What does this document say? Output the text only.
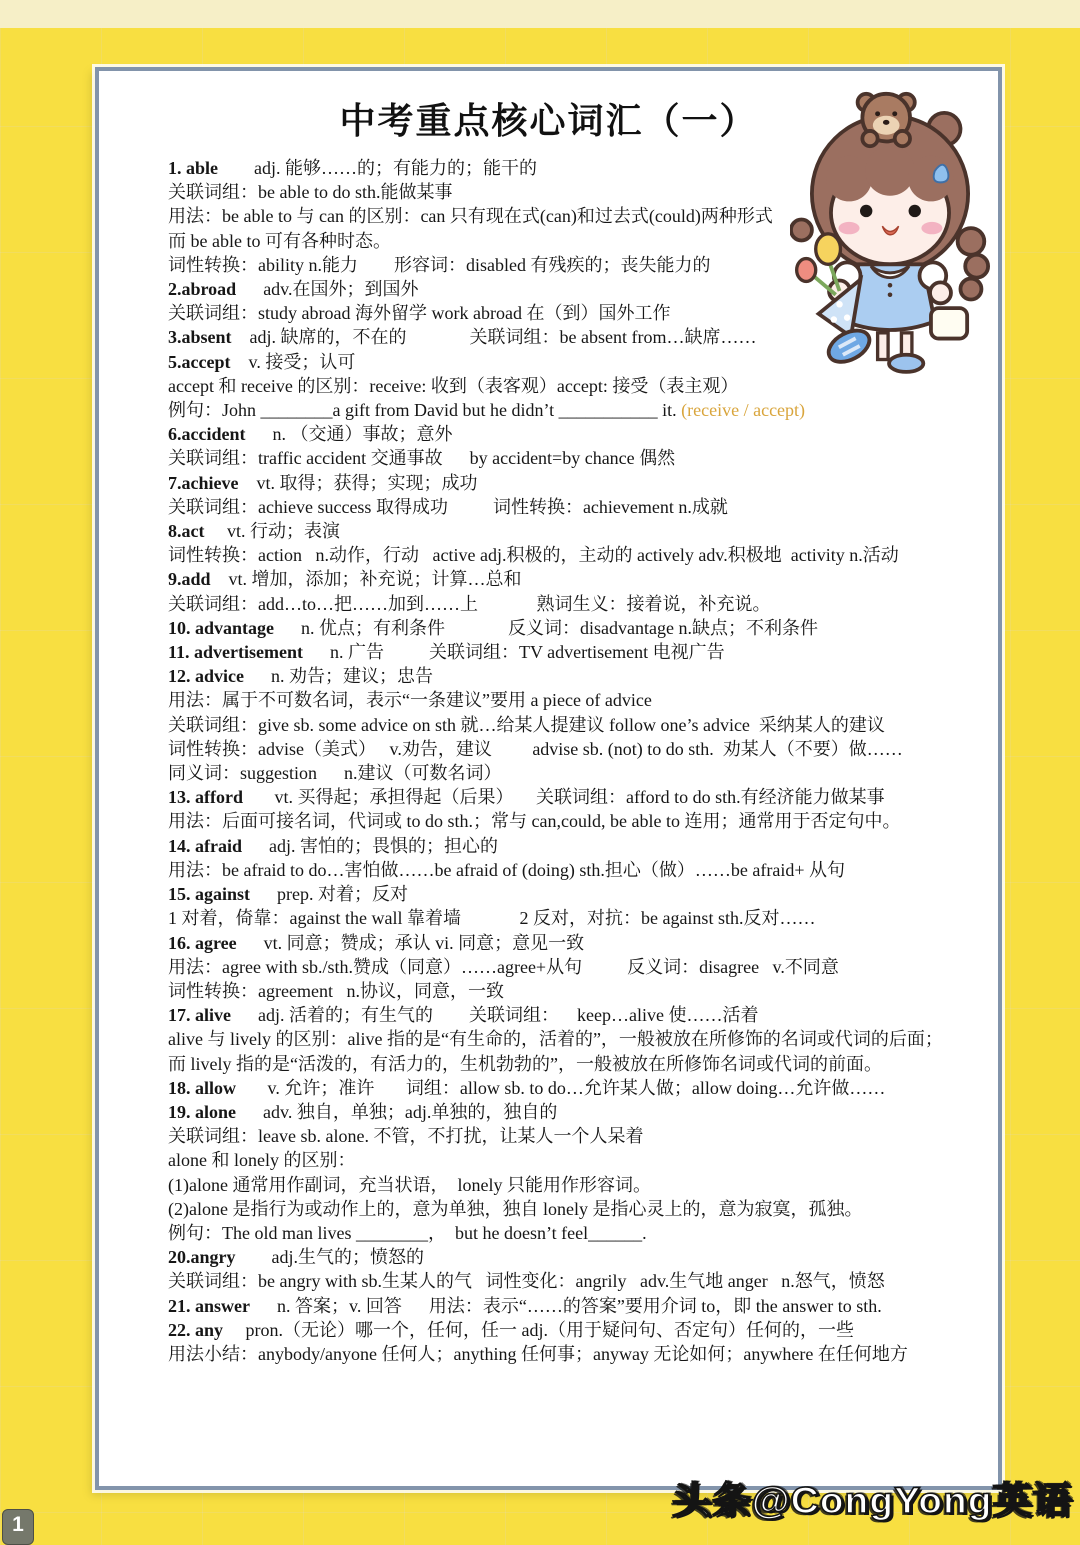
中考重点核心词汇（一）
1. able        adj. 能够……的；有能力的；能干的
关联词组：be able to do sth.能做某事
用法：be able to 与 can 的区别：can 只有现在式(can)和过去式(could)两种形式
而 be able to 可有各种时态。
词性转换：ability n.能力        形容词：disabled 有残疾的；丧失能力的
2.abroad      adv.在国外；到国外
关联词组：study abroad 海外留学 work abroad 在（到）国外工作
3.absent    adj. 缺席的，不在的              关联词组：be absent from…缺席……
5.accept    v. 接受；认可
accept 和 receive 的区别：receive: 收到（表客观）accept: 接受（表主观）
例句：John ________a gift from David but he didn’t ___________ it. (receive / accept)
6.accident      n. （交通）事故；意外
关联词组：traffic accident 交通事故      by accident=by chance 偶然
7.achieve    vt. 取得；获得；实现；成功
关联词组：achieve success 取得成功          词性转换：achievement n.成就
8.act     vt. 行动；表演
词性转换：action   n.动作，行动   active adj.积极的，主动的 actively adv.积极地  activity n.活动
9.add    vt. 增加，添加；补充说；计算…总和
关联词组：add…to…把……加到……上             熟词生义：接着说，补充说。
10. advantage      n. 优点；有利条件              反义词：disadvantage n.缺点；不利条件
11. advertisement      n. 广告          关联词组：TV advertisement 电视广告
12. advice      n. 劝告；建议；忠告
用法：属于不可数名词，表示“一条建议”要用 a piece of advice
关联词组：give sb. some advice on sth 就…给某人提建议 follow one’s advice  采纳某人的建议
词性转换：advise（美式）   v.劝告，建议         advise sb. (not) to do sth.  劝某人（不要）做……
同义词：suggestion      n.建议（可数名词）
13. afford       vt. 买得起；承担得起（后果）     关联词组：afford to do sth.有经济能力做某事
用法：后面可接名词，代词或 to do sth.；常与 can,could, be able to 连用；通常用于否定句中。
14. afraid      adj. 害怕的；畏惧的；担心的
用法：be afraid to do…害怕做……be afraid of (doing) sth.担心（做）……be afraid+ 从句
15. against      prep. 对着；反对
1 对着，倚靠：against the wall 靠着墙             2 反对，对抗：be against sth.反对……
16. agree      vt. 同意；赞成；承认 vi. 同意；意见一致
用法：agree with sb./sth.赞成（同意）……agree+从句          反义词：disagree   v.不同意
词性转换：agreement   n.协议，同意，一致
17. alive      adj. 活着的；有生气的        关联词组：    keep…alive 使……活着
alive 与 lively 的区别：alive 指的是“有生命的，活着的”，一般被放在所修饰的名词或代词的后面；
而 lively 指的是“活泼的，有活力的，生机勃勃的”，一般被放在所修饰名词或代词的前面。
18. allow       v. 允许；准许       词组：allow sb. to do…允许某人做；allow doing…允许做……
19. alone      adv. 独自，单独；adj.单独的，独自的
关联词组：leave sb. alone. 不管，不打扰，让某人一个人呆着
alone 和 lonely 的区别：
(1)alone 通常用作副词，充当状语，  lonely 只能用作形容词。
(2)alone 是指行为或动作上的，意为单独，独自 lonely 是指心灵上的，意为寂寞，孤独。
例句：The old man lives ________，  but he doesn’t feel______.
20.angry        adj.生气的；愤怒的
关联词组：be angry with sb.生某人的气   词性变化：angrily   adv.生气地 anger   n.怒气，愤怒
21. answer      n. 答案；v. 回答      用法：表示“……的答案”要用介词 to，即 the answer to sth.
22. any     pron.（无论）哪一个，任何，任一 adj.（用于疑问句、否定句）任何的，一些
用法小结：anybody/anyone 任何人；anything 任何事；anyway 无论如何；anywhere 在任何地方
1
头条@CongYong英语
